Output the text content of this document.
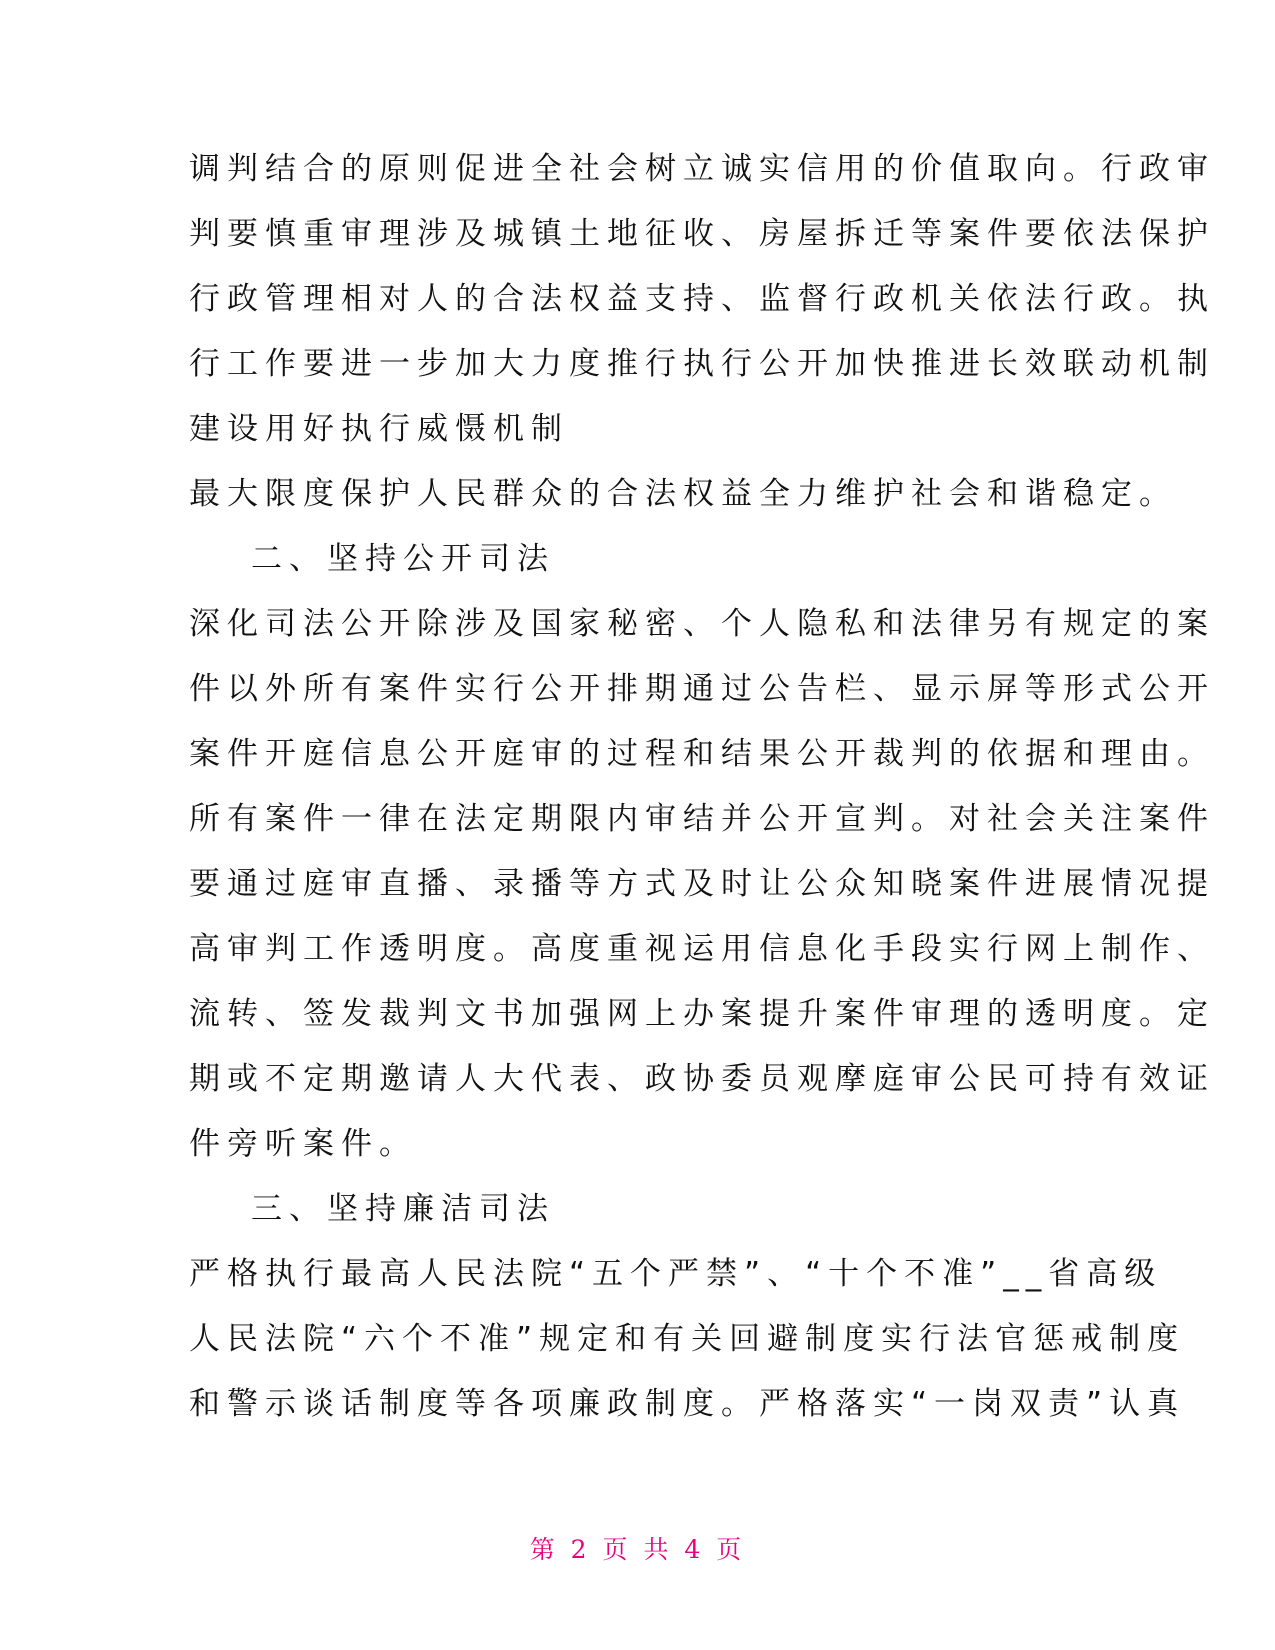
调判结合的原则促进全社会树立诚实信用的价值取向。行政审
判要慎重审理涉及城镇土地征收、房屋拆迁等案件要依法保护
行政管理相对人的合法权益支持、监督行政机关依法行政。执
行工作要进一步加大力度推行执行公开加快推进长效联动机制
建设用好执行威慑机制
最大限度保护人民群众的合法权益全力维护社会和谐稳定。
二、坚持公开司法
深化司法公开除涉及国家秘密、个人隐私和法律另有规定的案
件以外所有案件实行公开排期通过公告栏、显示屏等形式公开
案件开庭信息公开庭审的过程和结果公开裁判的依据和理由。
所有案件一律在法定期限内审结并公开宣判。对社会关注案件
要通过庭审直播、录播等方式及时让公众知晓案件进展情况提
高审判工作透明度。高度重视运用信息化手段实行网上制作、
流转、签发裁判文书加强网上办案提升案件审理的透明度。定
期或不定期邀请人大代表、政协委员观摩庭审公民可持有效证
件旁听案件。
三、坚持廉洁司法
严格执行最高人民法院“五个严禁”、“十个不准”__省高级
人民法院“六个不准”规定和有关回避制度实行法官惩戒制度
和警示谈话制度等各项廉政制度。严格落实“一岗双责”认真
第 2 页 共 4 页
